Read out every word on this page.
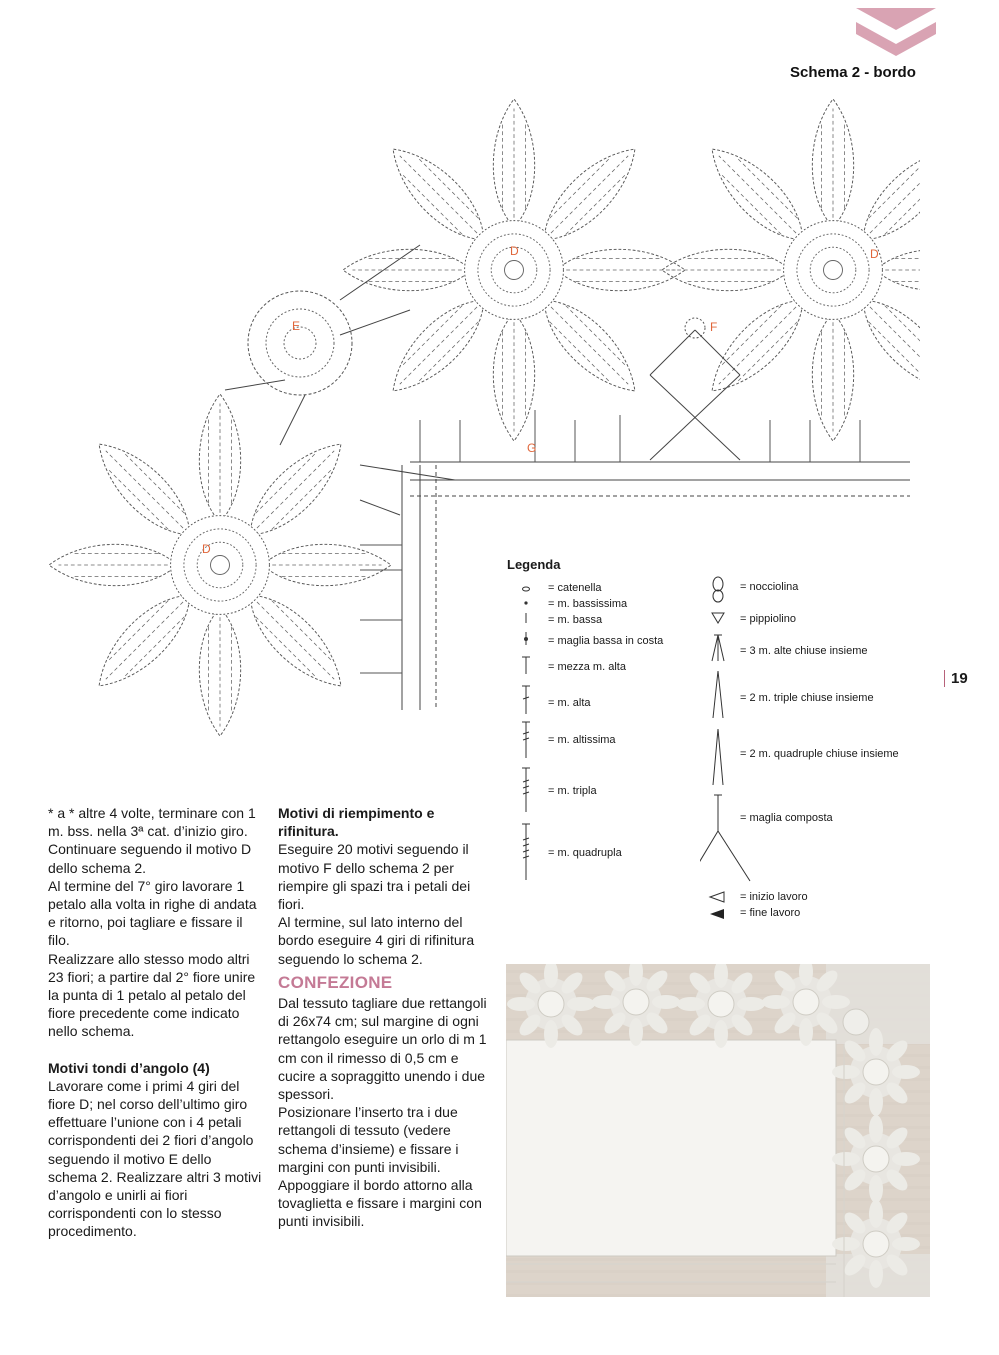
Schema 2 - bordo
19
D	D
D
E	F
G
Legenda
= catenella
= m. bassissima
= m. bassa
= maglia bassa in costa
= mezza m. alta
= m. alta
= m. altissima
= m. tripla
= m. quadrupla
= nocciolina
= pippiolino
= 3 m. alte chiuse insieme
= 2 m. triple chiuse insieme
= 2 m. quadruple chiuse insieme
= maglia composta
= inizio lavoro
= fine lavoro

* a * altre 4 volte, terminare con 1 m. bss. nella 3ª cat. d’inizio giro.

Continuare seguendo il motivo D dello schema 2.

Al termine del 7° giro lavorare 1 petalo alla volta in righe di andata e ritorno, poi tagliare e fissare il filo.

Realizzare allo stesso modo altri 23 fiori; a partire dal 2° fiore unire la punta di 1 petalo al petalo del fiore precedente come indicato nello schema.

Motivi tondi d’angolo (4)

Lavorare come i primi 4 giri del fiore D; nel corso dell’ultimo giro effettuare l’unione con i 4 petali corrispondenti dei 2 fiori d’angolo seguendo il motivo E dello schema 2. Realizzare altri 3 motivi d’angolo e unirli ai fiori corrispondenti con lo stesso procedimento.

Motivi di riempimento e rifinitura.

Eseguire 20 motivi seguendo il motivo F dello schema 2 per riempire gli spazi tra i petali dei fiori.

Al termine, sul lato interno del bordo eseguire 4 giri di rifinitura seguendo lo schema 2.

CONFEZIONE

Dal tessuto tagliare due rettangoli di 26x74 cm; sul margine di ogni rettangolo eseguire un orlo di m 1 cm con il rimesso di 0,5 cm e cucire a sopraggitto unendo i due spessori.

Posizionare l’inserto tra i due rettangoli di tessuto (vedere schema d’insieme) e fissare i margini con punti invisibili. Appoggiare il bordo attorno alla tovaglietta e fissare i margini con punti invisibili.
